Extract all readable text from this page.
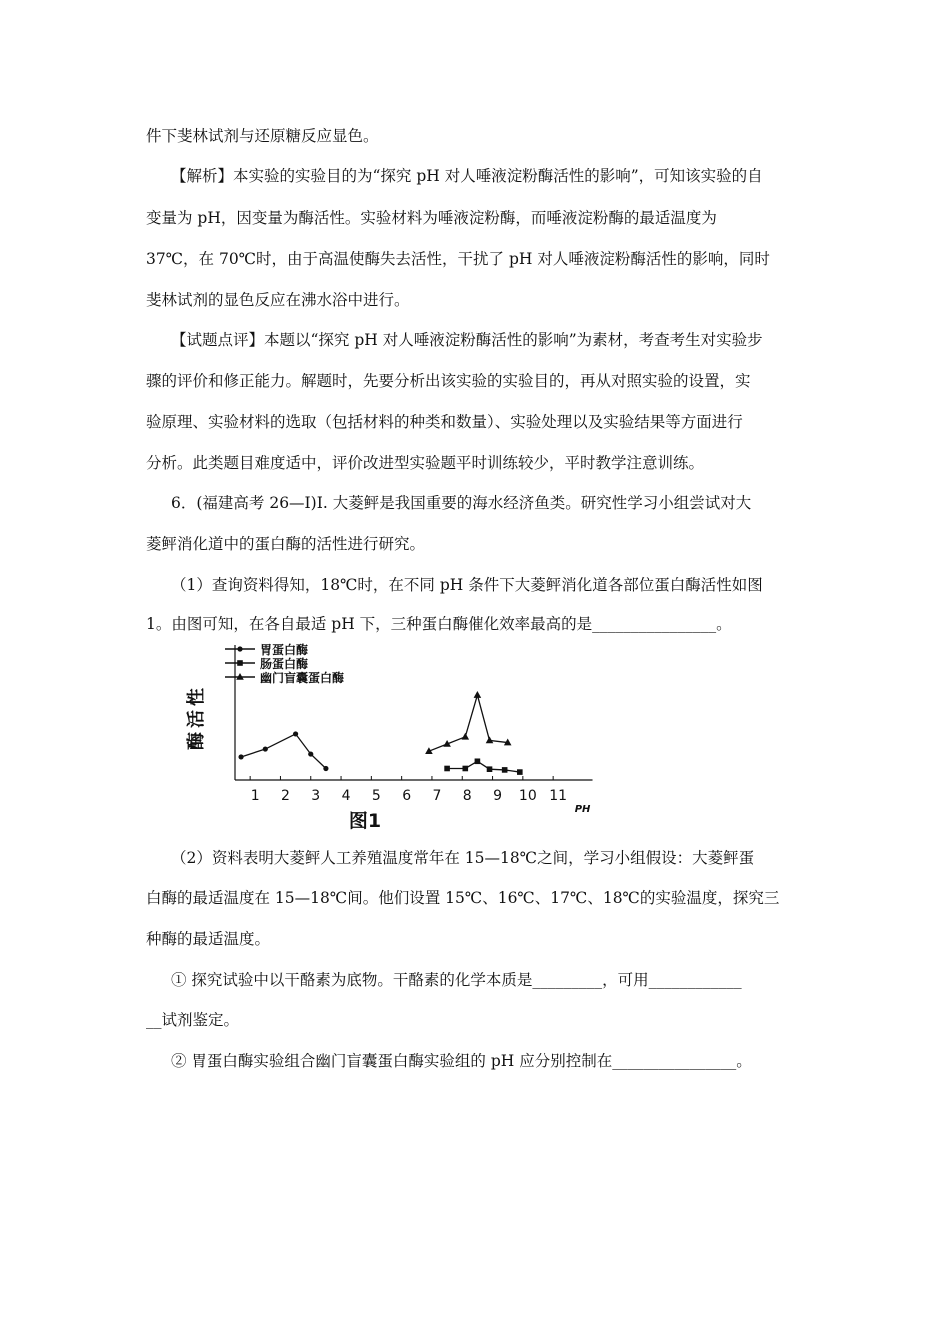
件下斐林试剂与还原糖反应显色。
【解析】本实验的实验目的为“探究 pH 对人唾液淀粉酶活性的影响”，可知该实验的自
变量为 pH，因变量为酶活性。实验材料为唾液淀粉酶，而唾液淀粉酶的最适温度为
37℃，在 70℃时，由于高温使酶失去活性，干扰了 pH 对人唾液淀粉酶活性的影响，同时
斐林试剂的显色反应在沸水浴中进行。
【试题点评】本题以“探究 pH 对人唾液淀粉酶活性的影响”为素材，考查考生对实验步
骤的评价和修正能力。解题时，先要分析出该实验的实验目的，再从对照实验的设置，实
验原理、实验材料的选取（包括材料的种类和数量）、实验处理以及实验结果等方面进行
分析。此类题目难度适中，评价改进型实验题平时训练较少，平时教学注意训练。
6．(福建高考 26—I)I. 大菱鲆是我国重要的海水经济鱼类。研究性学习小组尝试对大
菱鲆消化道中的蛋白酶的活性进行研究。
（1）查询资料得知，18℃时，在不同 pH 条件下大菱鲆消化道各部位蛋白酶活性如图
1。由图可知，在各自最适 pH 下，三种蛋白酶催化效率最高的是________________。
1 2 3 4 5 6 7 8 9 10 11
PH
酶活性
图1
胃蛋白酶
肠蛋白酶
幽门盲囊蛋白酶
（2）资料表明大菱鲆人工养殖温度常年在 15—18℃之间，学习小组假设：大菱鲆蛋
白酶的最适温度在 15—18℃间。他们设置 15℃、16℃、17℃、18℃的实验温度，探究三
种酶的最适温度。
① 探究试验中以干酪素为底物。干酪素的化学本质是_________，可用____________
__试剂鉴定。
② 胃蛋白酶实验组合幽门盲囊蛋白酶实验组的 pH 应分别控制在________________。
